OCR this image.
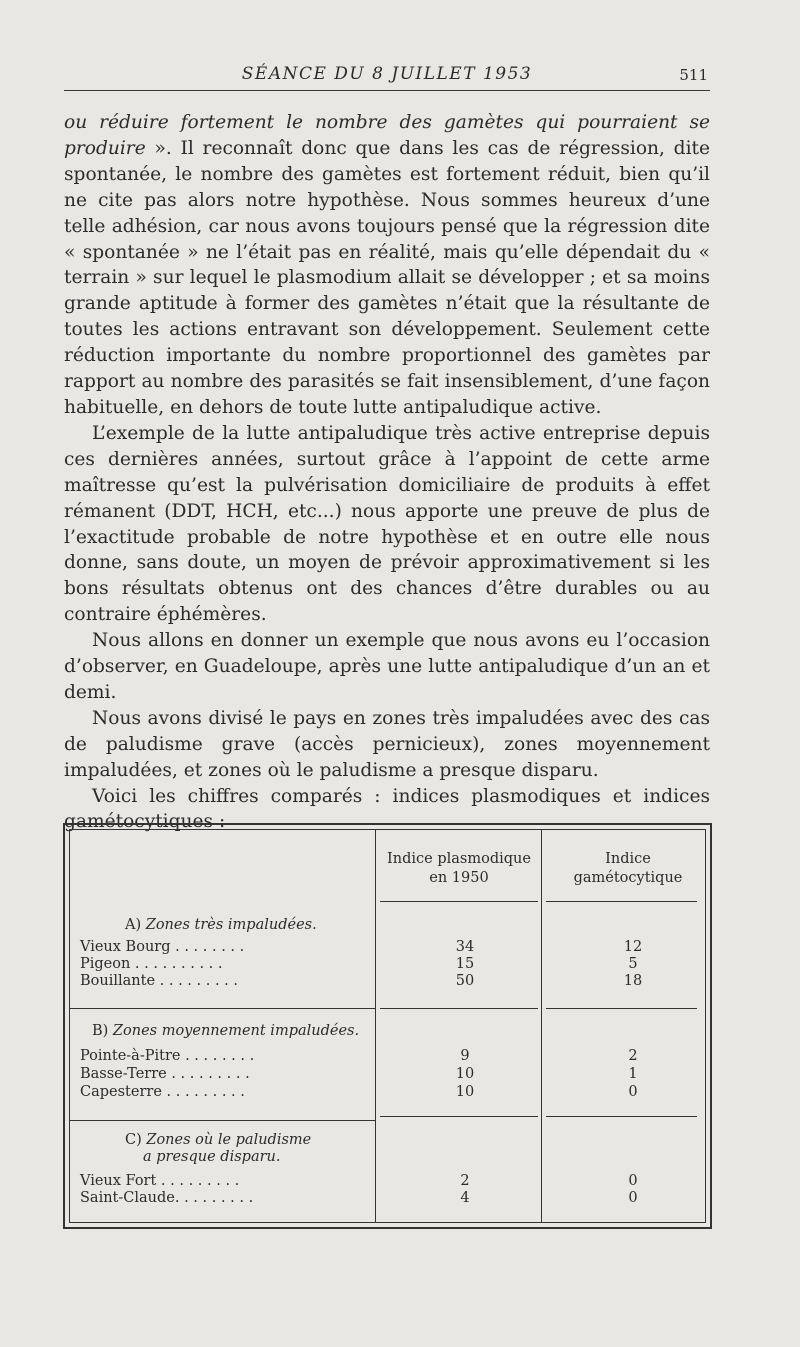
SÉANCE DU 8 JUILLET 1953	511

ou réduire fortement le nombre des gamètes qui pourraient se produire ». Il reconnaît donc que dans les cas de régression, dite spontanée, le nombre des gamètes est fortement réduit, bien qu’il ne cite pas alors notre hypothèse. Nous sommes heureux d’une telle adhésion, car nous avons toujours pensé que la régression dite « spontanée » ne l’était pas en réalité, mais qu’elle dépendait du « terrain » sur lequel le plasmodium allait se développer ; et sa moins grande aptitude à former des gamètes n’était que la résultante de toutes les actions entravant son développement. Seulement cette réduction importante du nombre proportionnel des gamètes par rapport au nombre des parasités se fait insensiblement, d’une façon habituelle, en dehors de toute lutte antipaludique active.

L’exemple de la lutte antipaludique très active entreprise depuis ces dernières années, surtout grâce à l’appoint de cette arme maîtresse qu’est la pulvérisation domiciliaire de produits à effet rémanent (DDT, HCH, etc...) nous apporte une preuve de plus de l’exactitude probable de notre hypothèse et en outre elle nous donne, sans doute, un moyen de prévoir approximativement si les bons résultats obtenus ont des chances d’être durables ou au contraire éphémères.

Nous allons en donner un exemple que nous avons eu l’occasion d’observer, en Guadeloupe, après une lutte antipaludique d’un an et demi.

Nous avons divisé le pays en zones très impaludées avec des cas de paludisme grave (accès pernicieux), zones moyennement impaludées, et zones où le paludisme a presque disparu.

Voici les chiffres comparés : indices plasmodiques et indices gamétocytiques :

Indice plasmodique en 1950
Indice gamétocytique
A) Zones très impaludées.
Vieux Bourg . . . . . . . .	34	12
Pigeon . . . . . . . . . .	15	5
Bouillante . . . . . . . . .	50	18
B) Zones moyennement impaludées.
Pointe-à-Pitre . . . . . . . .	9	2
Basse-Terre . . . . . . . . .	10	1
Capesterre . . . . . . . . .	10	0
C) Zones où le paludisme
a presque disparu.
Vieux Fort . . . . . . . . .	2	0
Saint-Claude. . . . . . . . .	4	0
